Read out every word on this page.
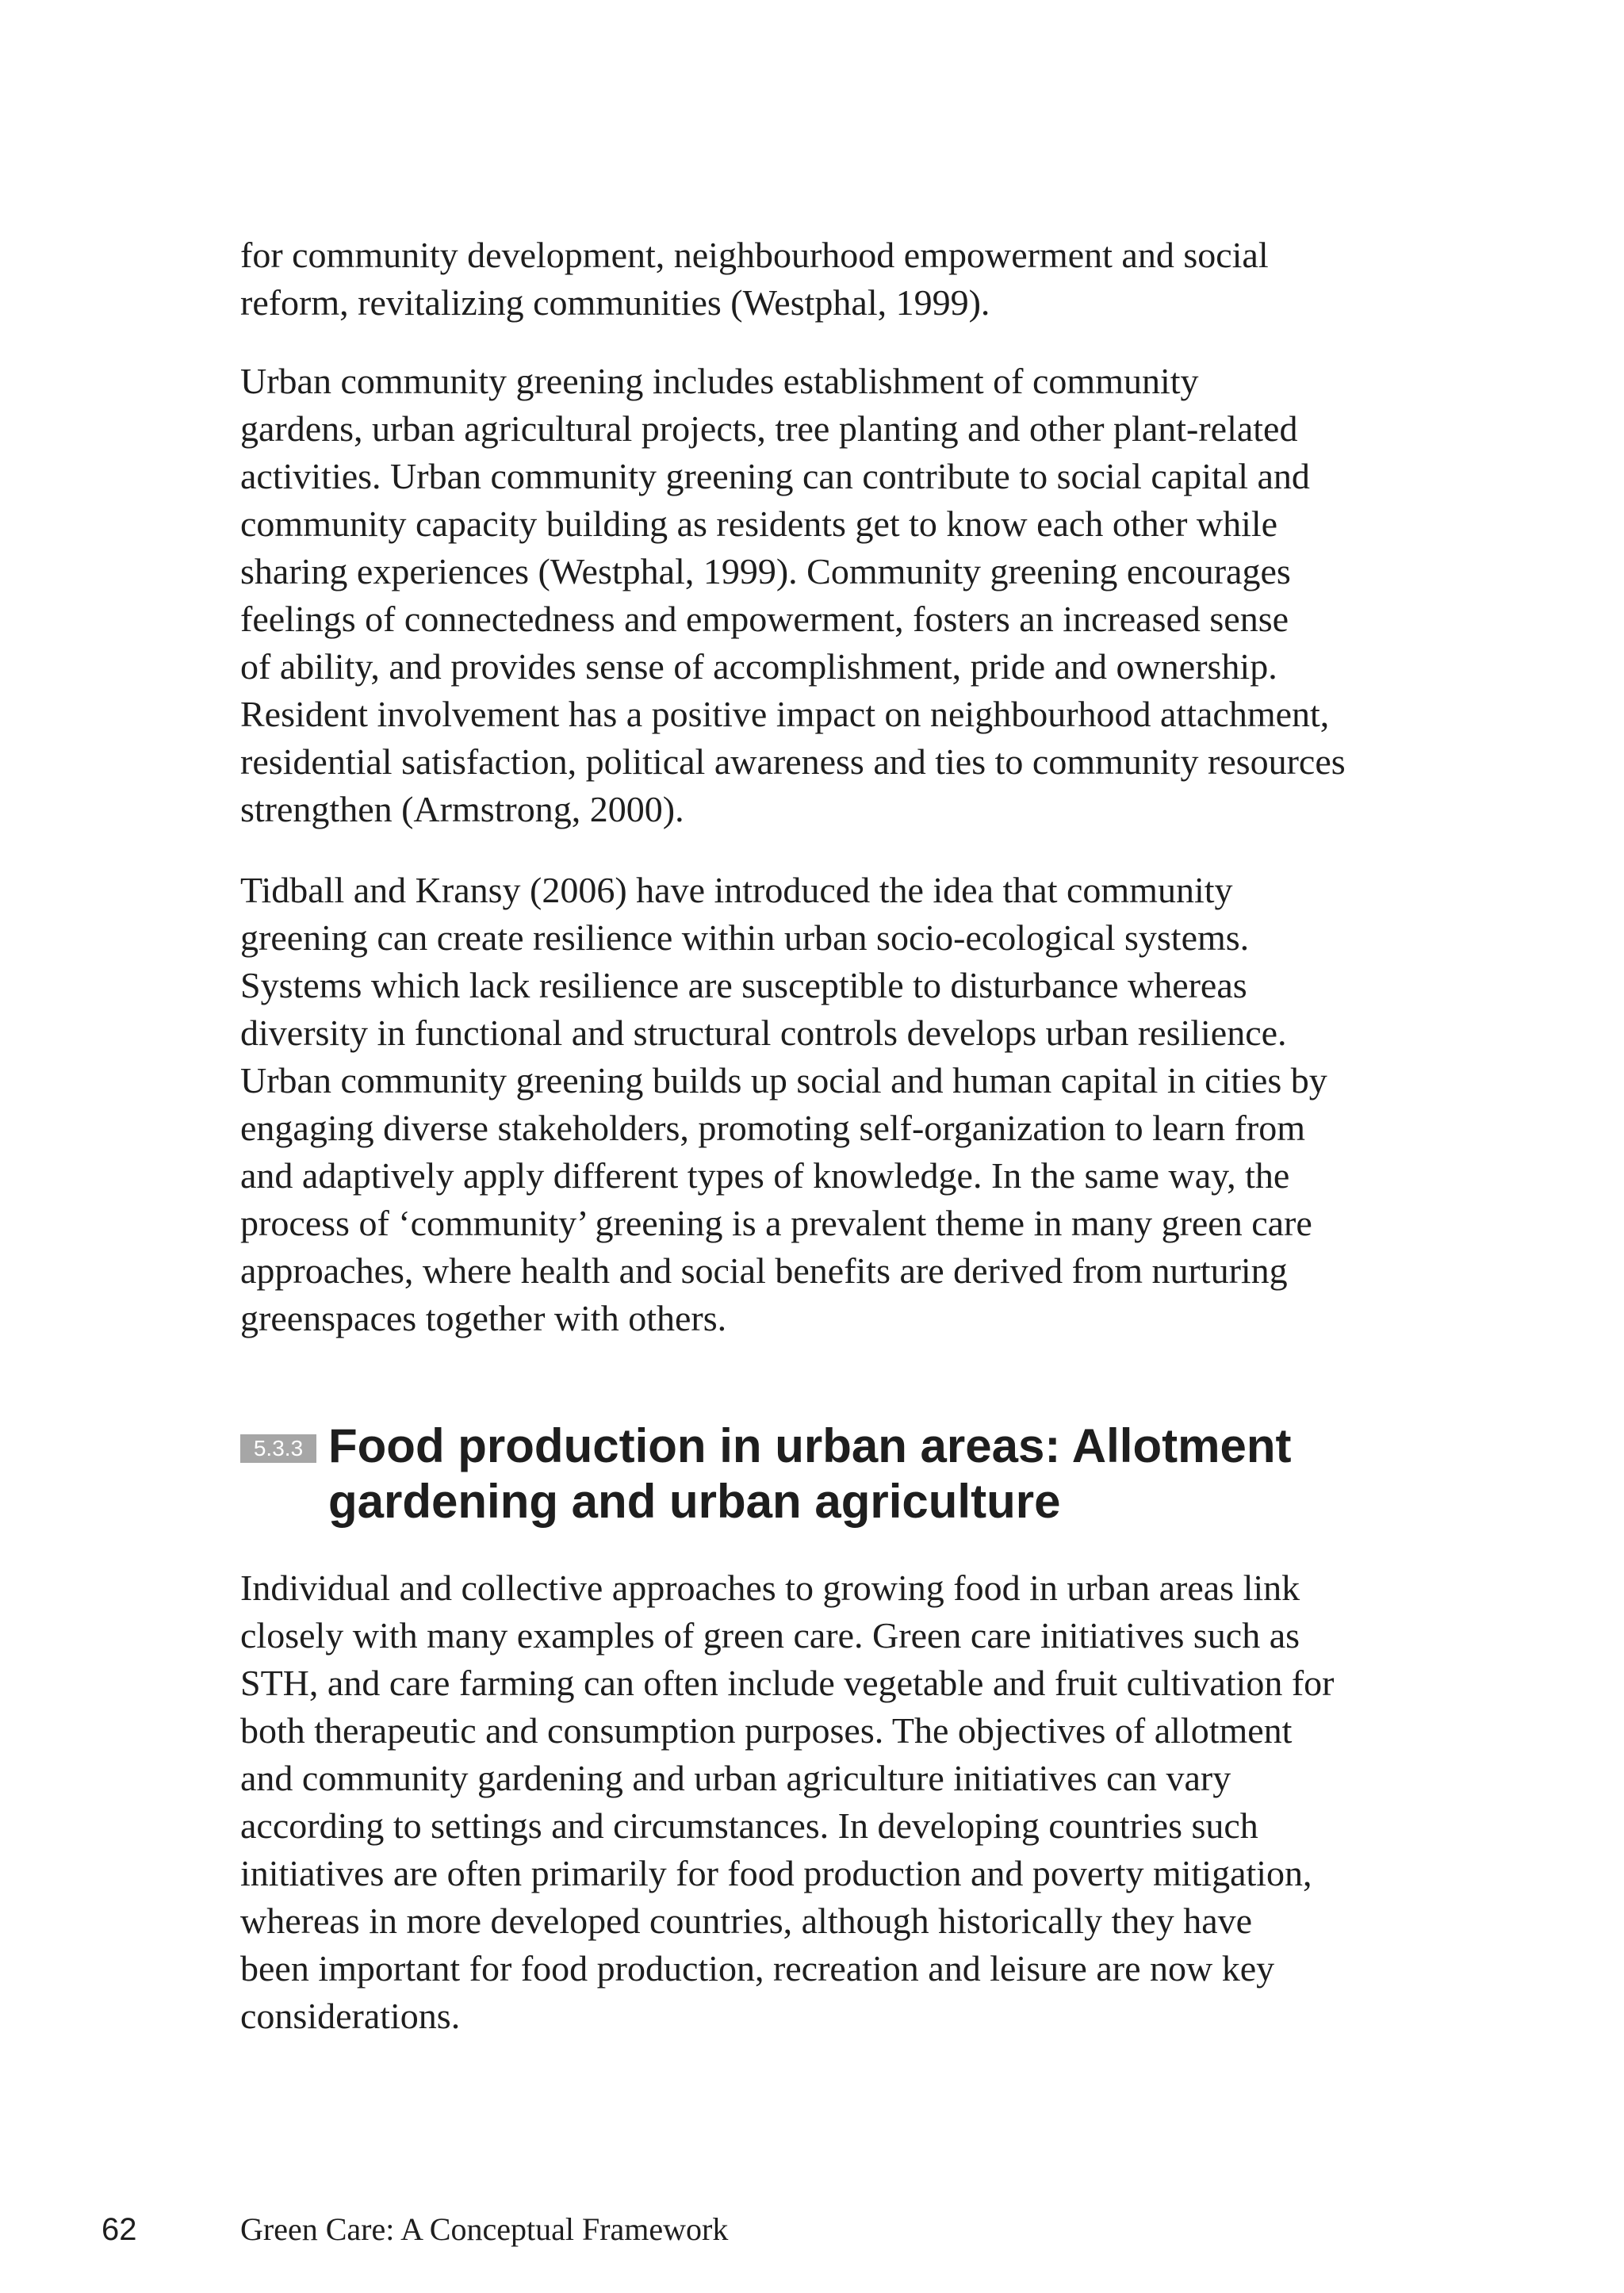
for community development, neighbourhood empowerment and social
reform, revitalizing communities (Westphal, 1999).
Urban community greening includes establishment of community
gardens, urban agricultural projects, tree planting and other plant-related
activities. Urban community greening can contribute to social capital and
community capacity building as residents get to know each other while
sharing experiences (Westphal, 1999). Community greening encourages
feelings of connectedness and empowerment, fosters an increased sense
of ability, and provides sense of accomplishment, pride and ownership.
Resident involvement has a positive impact on neighbourhood attachment,
residential satisfaction, political awareness and ties to community resources
strengthen (Armstrong, 2000).
Tidball and Kransy (2006) have introduced the idea that community
greening can create resilience within urban socio-ecological systems.
Systems which lack resilience are susceptible to disturbance whereas
diversity in functional and structural controls develops urban resilience.
Urban community greening builds up social and human capital in cities by
engaging diverse stakeholders, promoting self-organization to learn from
and adaptively apply different types of knowledge. In the same way, the
process of ‘community’ greening is a prevalent theme in many green care
approaches, where health and social benefits are derived from nurturing
greenspaces together with others.
5.3.3 Food production in urban areas: Allotment
gardening and urban agriculture
Individual and collective approaches to growing food in urban areas link
closely with many examples of green care. Green care initiatives such as
STH, and care farming can often include vegetable and fruit cultivation for
both therapeutic and consumption purposes. The objectives of allotment
and community gardening and urban agriculture initiatives can vary
according to settings and circumstances. In developing countries such
initiatives are often primarily for food production and poverty mitigation,
whereas in more developed countries, although historically they have
been important for food production, recreation and leisure are now key
considerations.
62	Green Care: A Conceptual Framework
